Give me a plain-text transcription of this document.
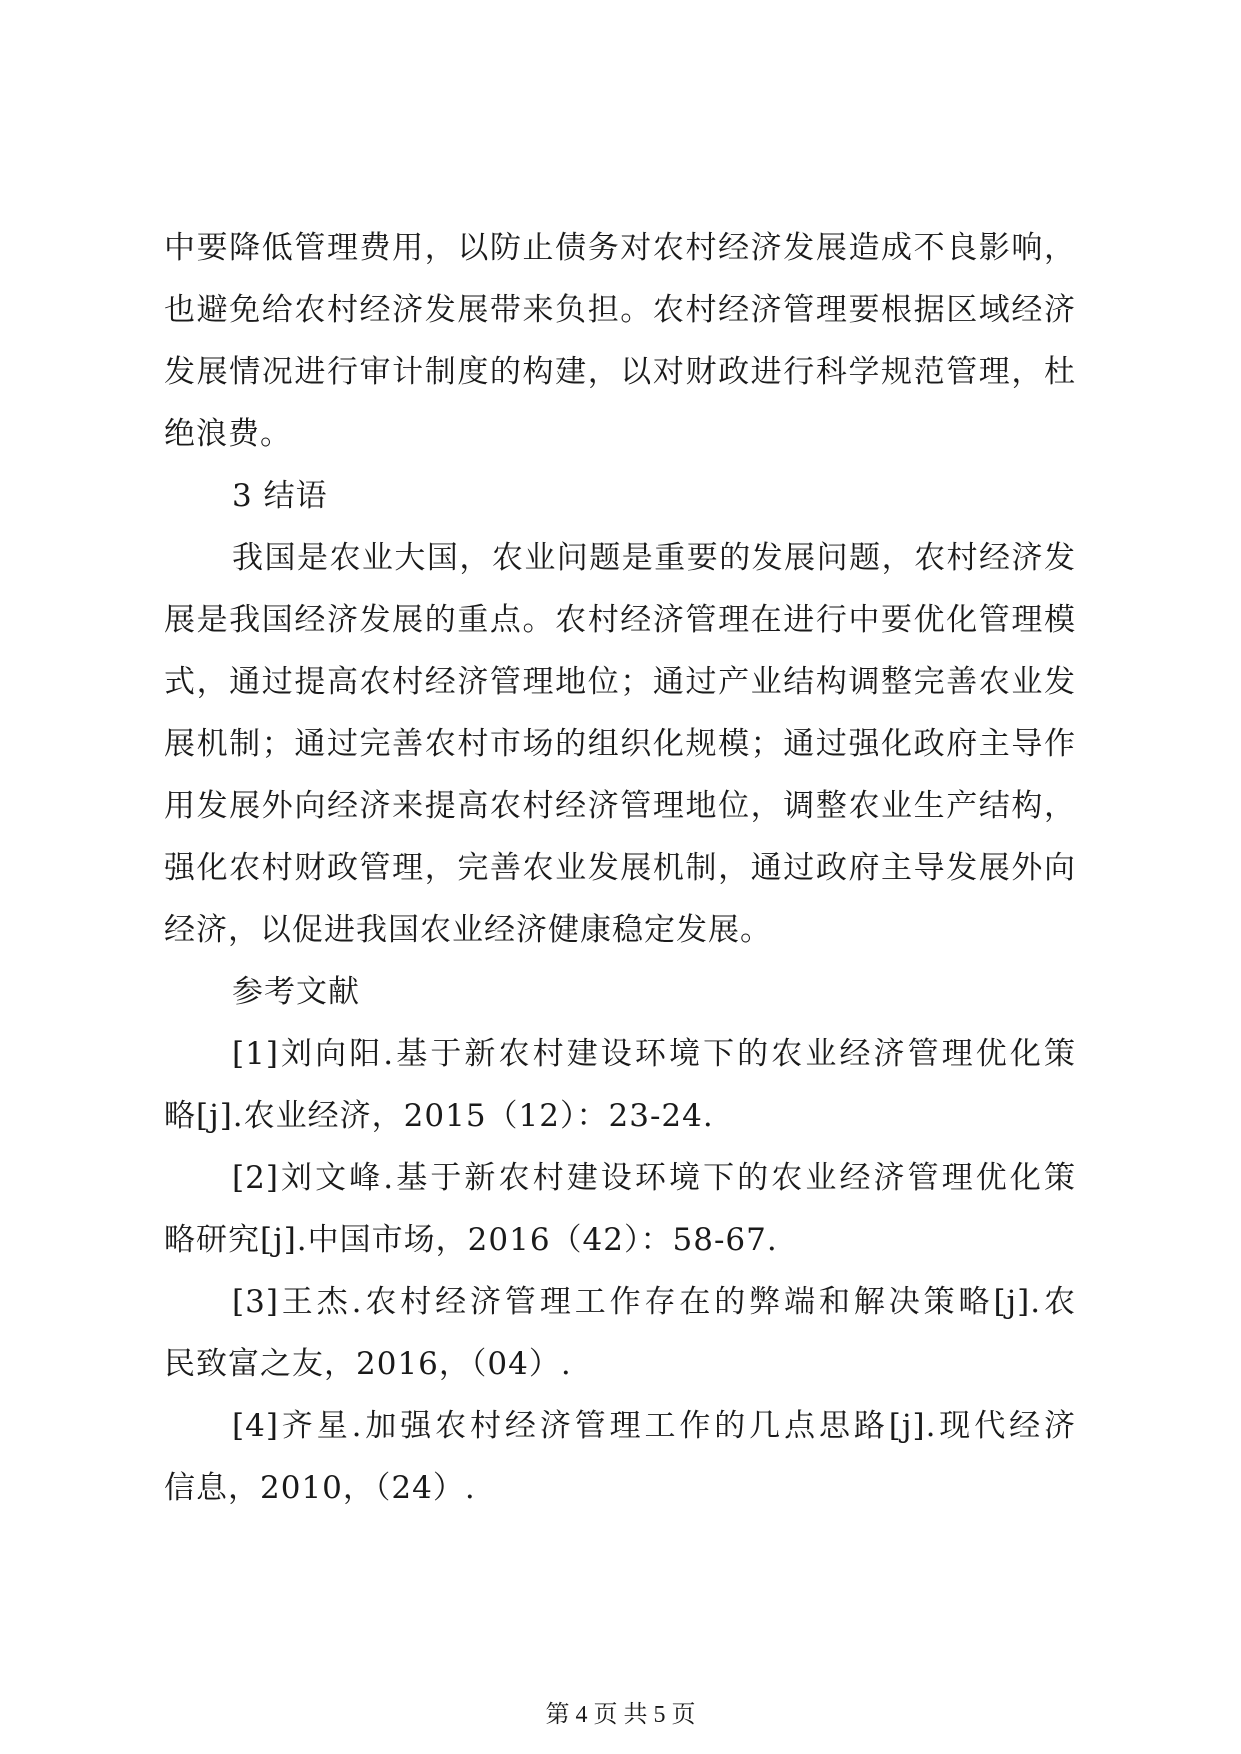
中要降低管理费用，以防止债务对农村经济发展造成不良影响，
也避免给农村经济发展带来负担。农村经济管理要根据区域经济
发展情况进行审计制度的构建，以对财政进行科学规范管理，杜
绝浪费。
3 结语
我国是农业大国，农业问题是重要的发展问题，农村经济发
展是我国经济发展的重点。农村经济管理在进行中要优化管理模
式，通过提高农村经济管理地位；通过产业结构调整完善农业发
展机制；通过完善农村市场的组织化规模；通过强化政府主导作
用发展外向经济来提高农村经济管理地位，调整农业生产结构，
强化农村财政管理，完善农业发展机制，通过政府主导发展外向
经济，以促进我国农业经济健康稳定发展。
参考文献
[1]刘向阳.基于新农村建设环境下的农业经济管理优化策
略[j].农业经济，2015（12）：23-24.
[2]刘文峰.基于新农村建设环境下的农业经济管理优化策
略研究[j].中国市场，2016（42）：58-67.
[3]王杰.农村经济管理工作存在的弊端和解决策略[j].农
民致富之友，2016，（04）.
[4]齐星.加强农村经济管理工作的几点思路[j].现代经济
信息，2010，（24）.
第 4 页 共 5 页
